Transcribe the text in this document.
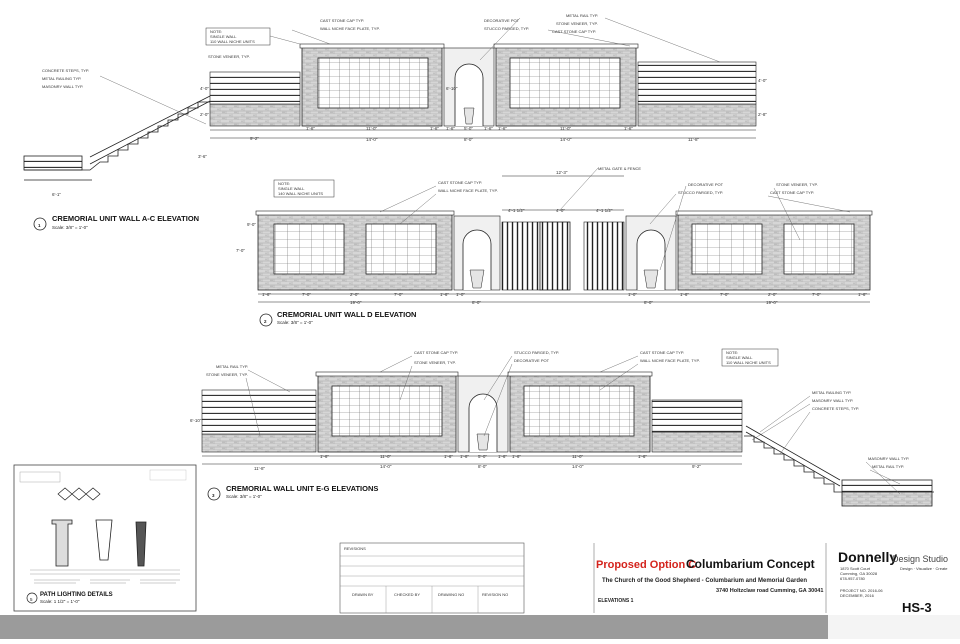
NOTE:
SINGLE WALL
110 WALL NICHE UNITS
CONCRETE STEPS, TYP.
METAL RAILING TYP.
MASONRY WALL TYP.
STONE VENEER, TYP.
CAST STONE CAP TYP.
WALL NICHE FACE PLATE, TYP.
DECORATIVE POT
STUCCO PARGED, TYP.
METAL RAIL TYP.
STONE VENEER, TYP.
CAST STONE CAP TYP.
6'-1"
9'-2"
1'-6"	11'-0"	1'-6" 1'-6" 5'-0" 1'-6" 1'-6"	11'-0"	1'-6"
14'-0"	8'-0"	14'-0"	11'-8"
6'-10"
4'-0"
2'-0"
3'-6"
4'-0"
2'-8"
1
CREMORIAL UNIT WALL A-C ELEVATION
Scale: 3/8" = 1'-0"
NOTE:
SINGLE WALL
140 WALL NICHE UNITS
METAL GATE & FENCE
CAST STONE CAP TYP.
WALL NICHE FACE PLATE, TYP.
DECORATIVE POT
STUCCO PARGED, TYP.
STONE VENEER, TYP.
CAST STONE CAP TYP.
12'-3"
4'-1 1/2"	4'-0"	4'-1 1/2"
1'-6"	7'-0"	2'-0"	7'-0"	1'-6" 1'-0"	1'-0"	1'-6"	7'-0"	2'-0"	7'-0"	1'-6"
19'-0"	8'-0"	8'-0"	19'-0"
7'-0"
9'-0"
2
CREMORIAL UNIT WALL D ELEVATION
Scale: 3/8" = 1'-0"
NOTE:
SINGLE WALL
110 WALL NICHE UNITS
METAL RAIL TYP.
STONE VENEER, TYP.
CAST STONE CAP TYP.
STONE VENEER, TYP.
STUCCO PARGED, TYP.
DECORATIVE POT
CAST STONE CAP TYP.
WALL NICHE FACE PLATE, TYP.
METAL RAILING TYP.
MASONRY WALL TYP.
CONCRETE STEPS, TYP.
MASONRY WALL TYP.
METAL RAIL TYP.
11'-8"
1'-6"	11'-0"	1'-6" 1'-6" 5'-0" 1'-6" 1'-6"	11'-0"	1'-6"
14'-0"	8'-0"	14'-0"	9'-2"
6'-10"
3
CREMORIAL WALL UNIT E-G ELEVATIONS
Scale: 3/8" = 1'-0"
5
PATH LIGHTING DETAILS
Scale: 1 1/2" = 1'-0"
REVISIONS
DRAWN BY	CHECKED BY	DRAWING NO	REVISION NO
Proposed Option C
Columbarium Concept
The Church of the Good Shepherd - Columbarium and Memorial Garden
3740 Holtzclaw road Cumming, GA 30041
ELEVATIONS 1
Donnelly
Design Studio
1870 Scott Court
Cumming, GA 30028
678-957-0780
Design · Visualize · Create
PROJECT NO. 2016-06
DECEMBER, 2016
HS-3
